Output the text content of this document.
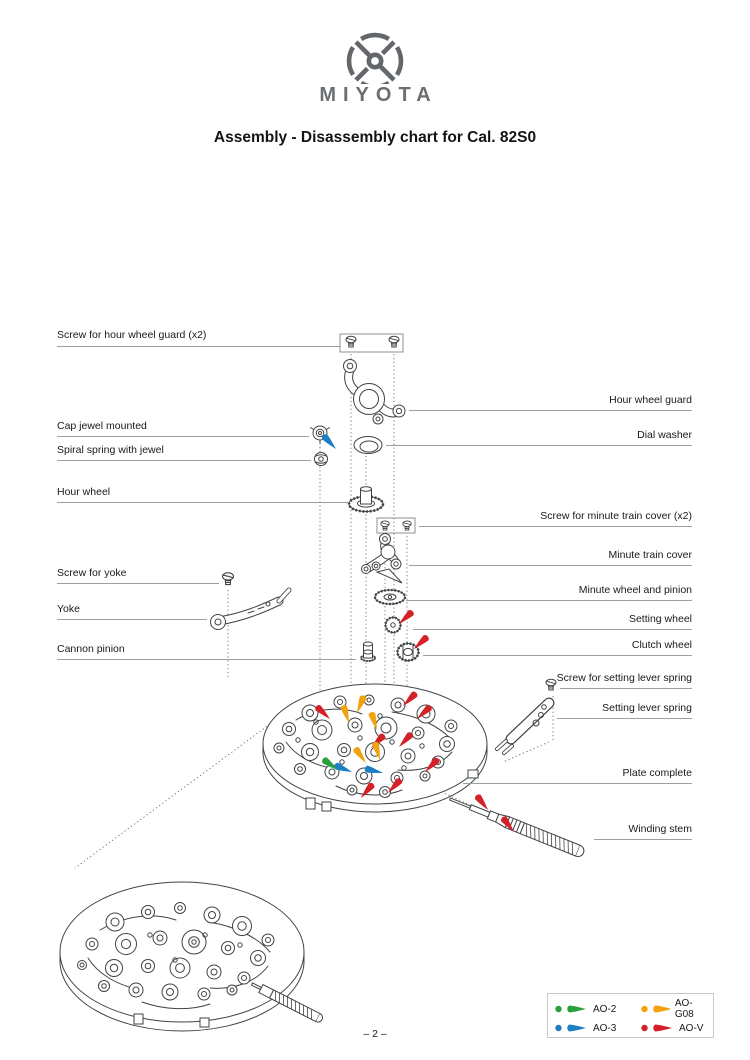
MIYOTA
Assembly - Disassembly chart for Cal. 82S0
Screw for hour wheel guard (x2)
Cap jewel mounted
Spiral spring with jewel
Hour wheel
Screw for yoke
Yoke
Cannon pinion
Hour wheel guard
Dial washer
Screw for minute train cover (x2)
Minute train cover
Minute wheel and pinion
Setting wheel
Clutch wheel
Screw for setting lever spring
Setting lever spring
Plate complete
Winding stem
AO-2	AO-G08
AO-3	AO-V
– 2 –
